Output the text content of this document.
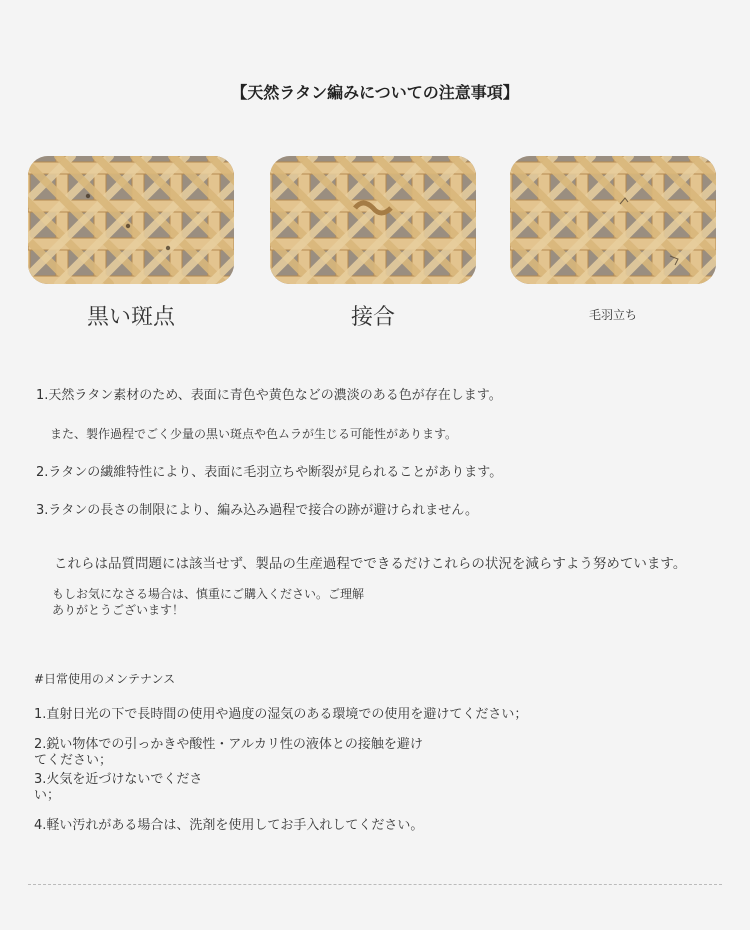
【天然ラタン編みについての注意事項】
黒い斑点	接合	毛羽立ち
1.天然ラタン素材のため、表面に青色や黄色などの濃淡のある色が存在します。
また、製作過程でごく少量の黒い斑点や色ムラが生じる可能性があります。
2.ラタンの繊維特性により、表面に毛羽立ちや断裂が見られることがあります。
3.ラタンの長さの制限により、編み込み過程で接合の跡が避けられません。
これらは品質問題には該当せず、製品の生産過程でできるだけこれらの状況を減らすよう努めています。
もしお気になさる場合は、慎重にご購入ください。ご理解ありがとうございます！
#日常使用のメンテナンス
1.直射日光の下で長時間の使用や過度の湿気のある環境での使用を避けてください；
2.鋭い物体での引っかきや酸性・アルカリ性の液体との接触を避けてください；
3.火気を近づけないでください；
4.軽い汚れがある場合は、洗剤を使用してお手入れしてください。
